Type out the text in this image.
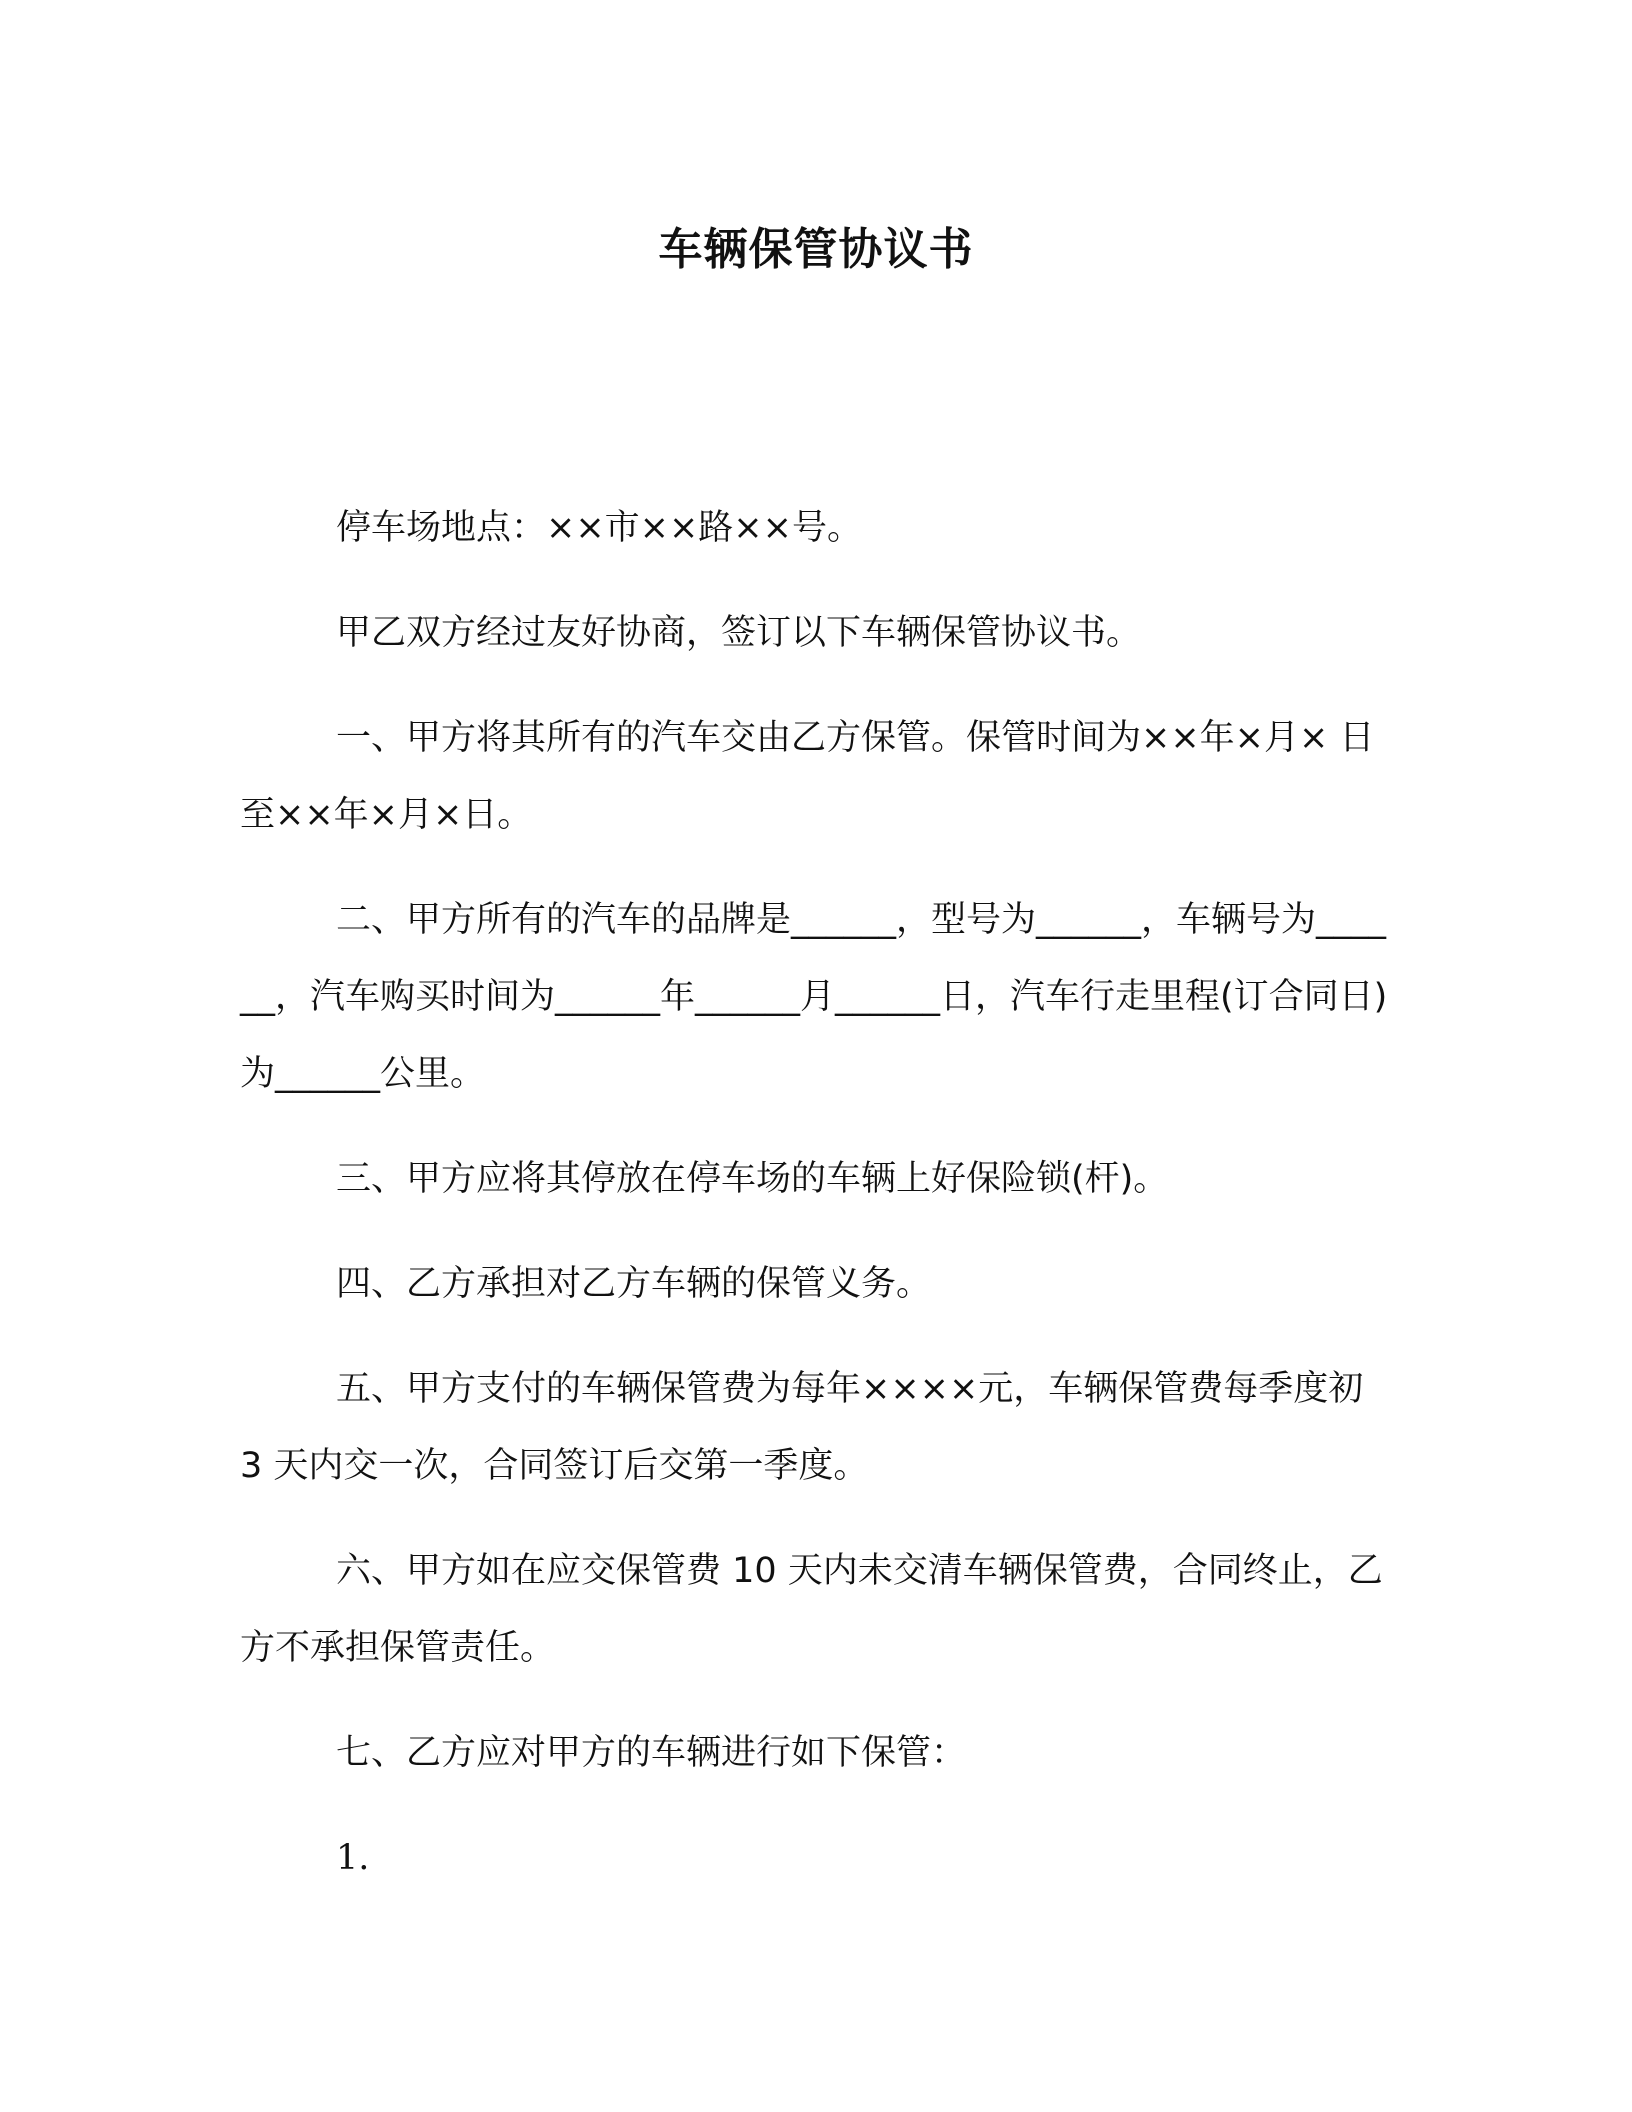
车辆保管协议书

停车场地点：××市××路××号。

甲乙双方经过友好协商，签订以下车辆保管协议书。

一、甲方将其所有的汽车交由乙方保管。保管时间为××年×月× 日至××年×月×日。

二、甲方所有的汽车的品牌是______，型号为______，车辆号为______，汽车购买时间为______年______月______日，汽车行走里程(订合同日)为______公里。

三、甲方应将其停放在停车场的车辆上好保险锁(杆)。

四、乙方承担对乙方车辆的保管义务。

五、甲方支付的车辆保管费为每年××××元，车辆保管费每季度初 3 天内交一次，合同签订后交第一季度。

六、甲方如在应交保管费 10 天内未交清车辆保管费，合同终止，乙方不承担保管责任。

七、乙方应对甲方的车辆进行如下保管：

1.
